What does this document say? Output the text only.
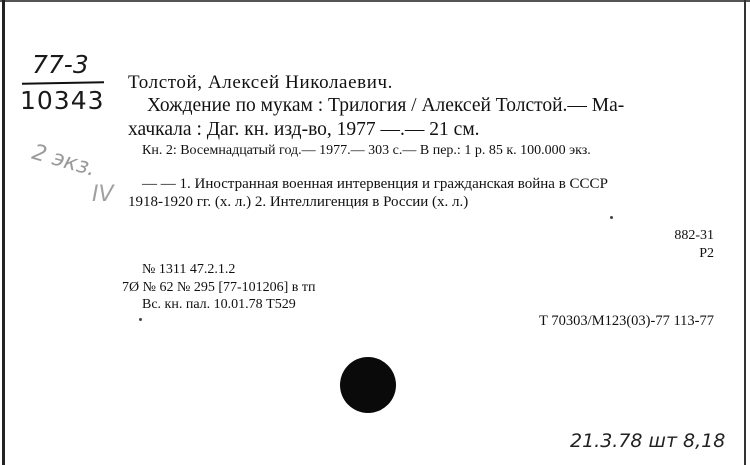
77-3
10343
2 экз.
IV
Толстой, Алексей Николаевич.
Хождение по мукам : Трилогия / Алексей Толстой.— Ма-
хачкала : Даг. кн. изд-во, 1977 —.— 21 см.
Кн. 2: Восемнадцатый год.— 1977.— 303 с.— В пер.: 1 р. 85 к. 100.000 экз.
— — 1. Иностранная военная интервенция и гражданская война в СССР
1918-1920 гг. (х. л.) 2. Интеллигенция в России (х. л.)
882-31
Р2
№ 1311 47.2.1.2
7Ø № 62 № 295 [77-101206] в тп
Вс. кн. пал. 10.01.78 Т529
Т 70303/М123(03)-77 113-77
21.3.78 шт 8,18
